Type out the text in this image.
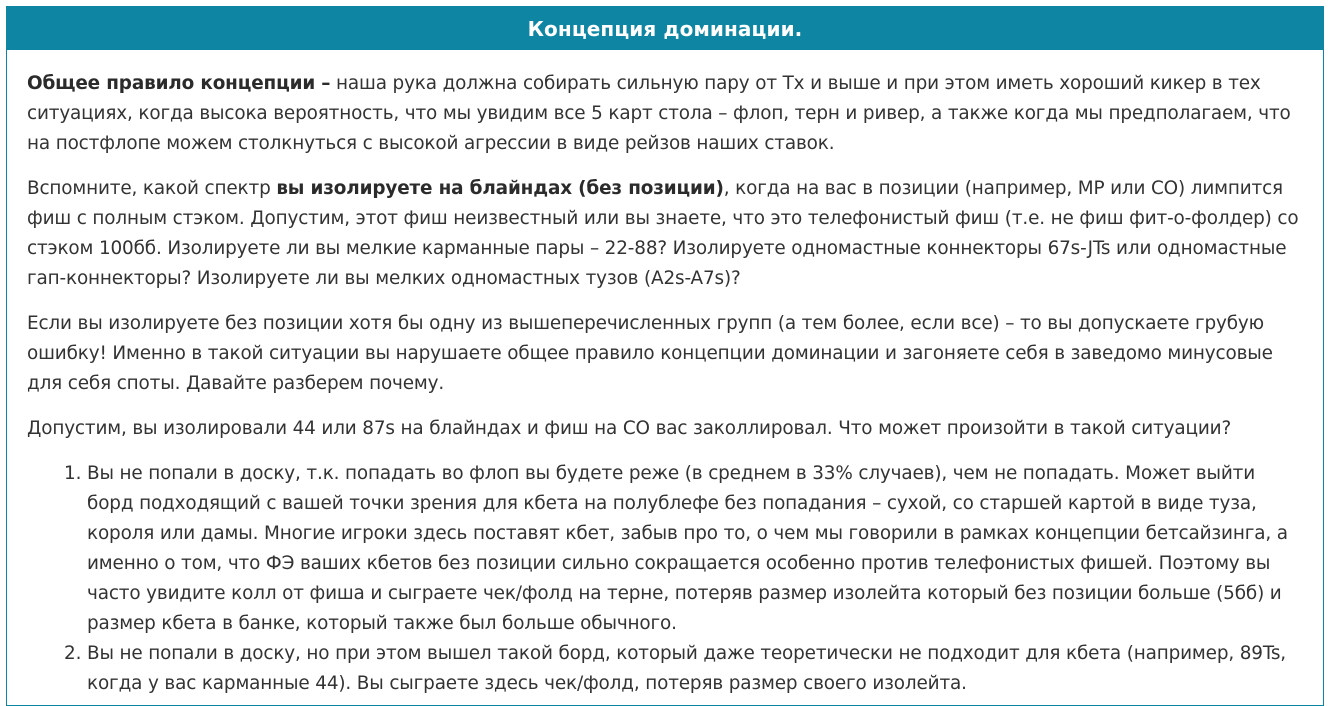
Концепция доминации.

Общее правило концепции – наша рука должна собирать сильную пару от Tx и выше и при этом иметь хороший кикер в тех ситуациях, когда высока вероятность, что мы увидим все 5 карт стола – флоп, терн и ривер, а также когда мы предполагаем, что на постфлопе можем столкнуться с высокой агрессии в виде рейзов наших ставок.

Вспомните, какой спектр вы изолируете на блайндах (без позиции), когда на вас в позиции (например, МР или СО) лимпится фиш с полным стэком. Допустим, этот фиш неизвестный или вы знаете, что это телефонистый фиш (т.е. не фиш фит-о-фолдер) со стэком 100бб. Изолируете ли вы мелкие карманные пары – 22-88? Изолируете одномастные коннекторы 67s-JTs или одномастные гап-коннекторы? Изолируете ли вы мелких одномастных тузов (A2s-A7s)?

Если вы изолируете без позиции хотя бы одну из вышеперечисленных групп (а тем более, если все) – то вы допускаете грубую ошибку! Именно в такой ситуации вы нарушаете общее правило концепции доминации и загоняете себя в заведомо минусовые для себя споты. Давайте разберем почему.

Допустим, вы изолировали 44 или 87s на блайндах и фиш на СО вас заколлировал. Что может произойти в такой ситуации?

1. Вы не попали в доску, т.к. попадать во флоп вы будете реже (в среднем в 33% случаев), чем не попадать. Может выйти борд подходящий с вашей точки зрения для кбета на полублефе без попадания – сухой, со старшей картой в виде туза, короля или дамы. Многие игроки здесь поставят кбет, забыв про то, о чем мы говорили в рамках концепции бетсайзинга, а именно о том, что ФЭ ваших кбетов без позиции сильно сокращается особенно против телефонистых фишей. Поэтому вы часто увидите колл от фиша и сыграете чек/фолд на терне, потеряв размер изолейта который без позиции больше (5бб) и размер кбета в банке, который также был больше обычного.
2. Вы не попали в доску, но при этом вышел такой борд, который даже теоретически не подходит для кбета (например, 89Ts, когда у вас карманные 44). Вы сыграете здесь чек/фолд, потеряв размер своего изолейта.
